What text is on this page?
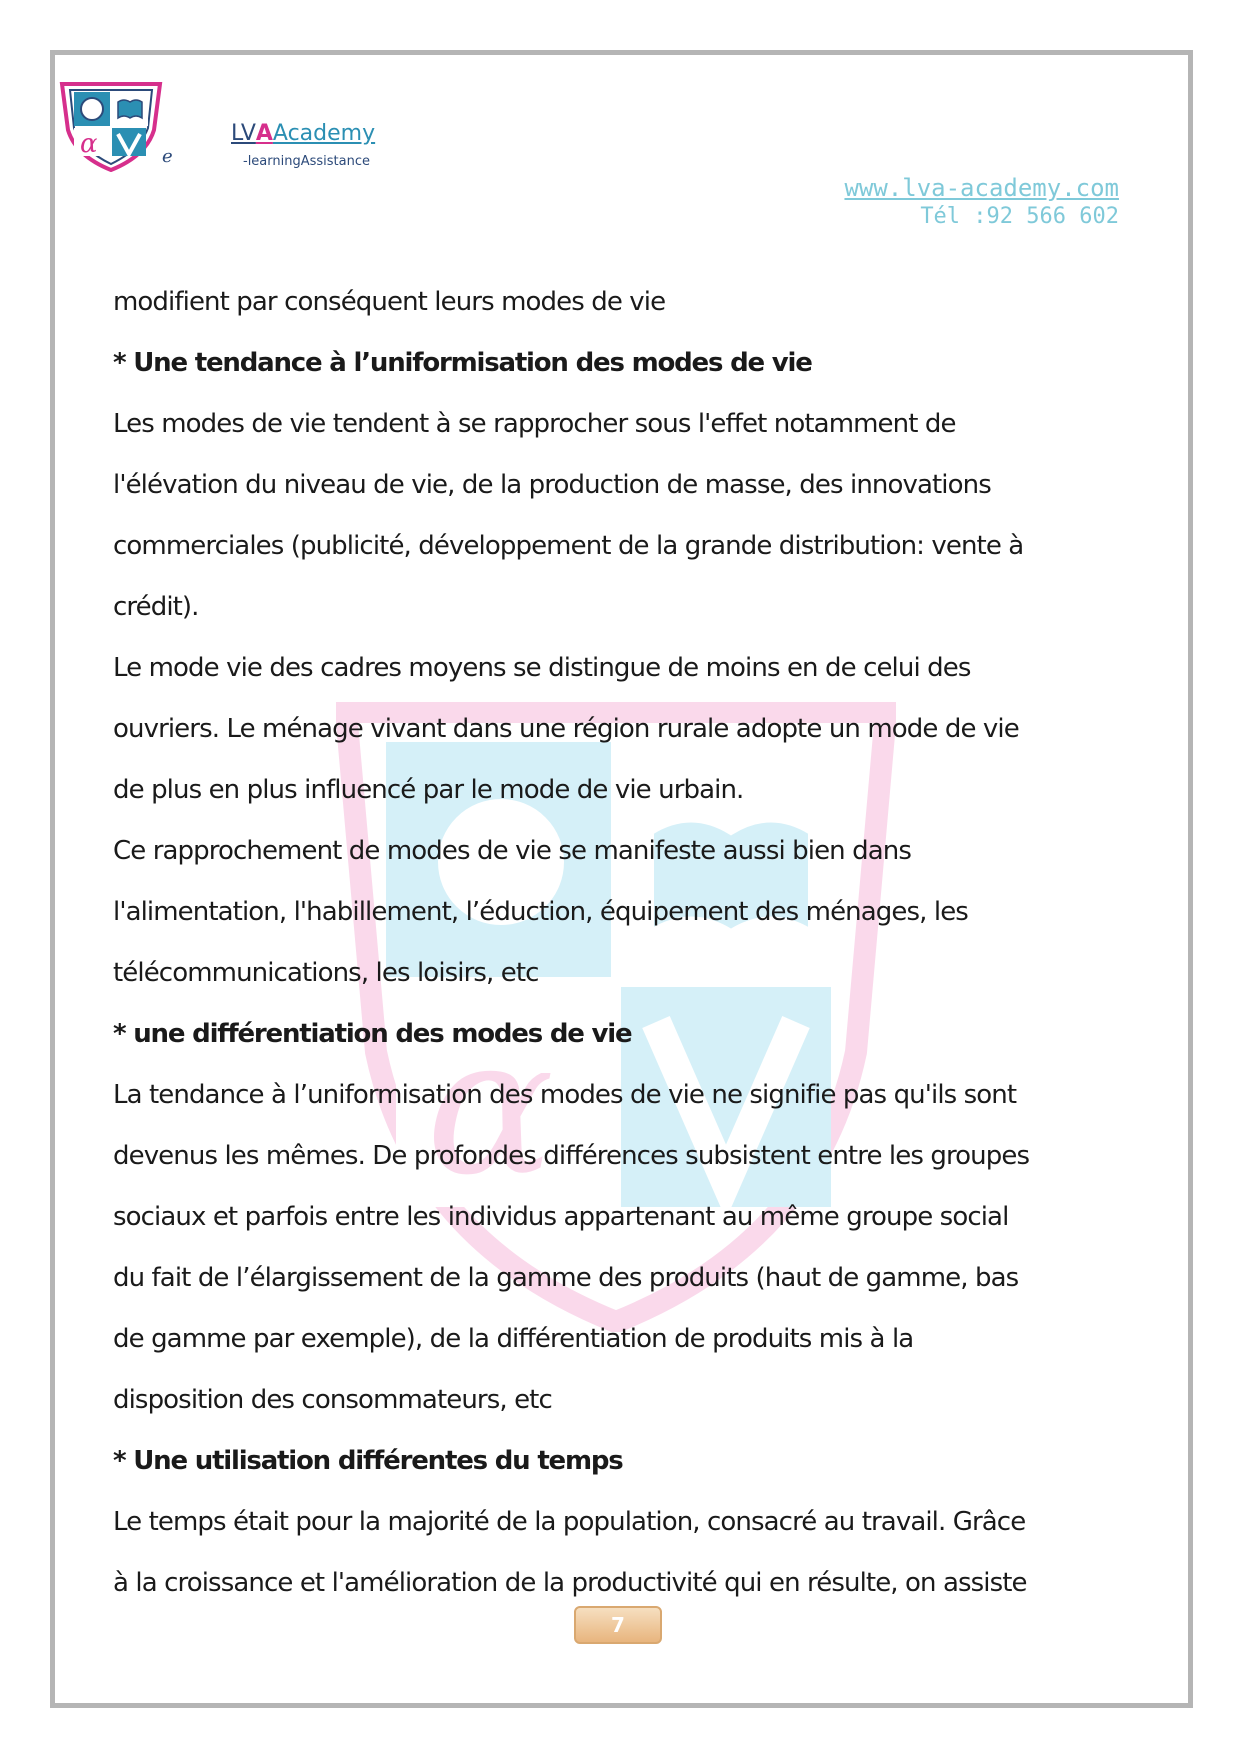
α	e
LVAAcademy
-learningAssistance
www.lva-academy.com
Tél :92 566 602
α

modifient par conséquent leurs modes de vie

* Une tendance à l’uniformisation des modes de vie

Les modes de vie tendent à se rapprocher sous l'effet notamment de

l'élévation du niveau de vie, de la production de masse, des innovations

commerciales (publicité, développement de la grande distribution: vente à

crédit).

Le mode vie des cadres moyens se distingue de moins en de celui des

ouvriers. Le ménage vivant dans une région rurale adopte un mode de vie

de plus en plus influencé par le mode de vie urbain.

Ce rapprochement de modes de vie se manifeste aussi bien dans

l'alimentation, l'habillement, l’éduction, équipement des ménages, les

télécommunications, les loisirs, etc

* une différentiation des modes de vie

La tendance à l’uniformisation des modes de vie ne signifie pas qu'ils sont

devenus les mêmes. De profondes différences subsistent entre les groupes

sociaux et parfois entre les individus appartenant au même groupe social

du fait de l’élargissement de la gamme des produits (haut de gamme, bas

de gamme par exemple), de la différentiation de produits mis à la

disposition des consommateurs, etc

* Une utilisation différentes du temps

Le temps était pour la majorité de la population, consacré au travail. Grâce

à la croissance et l'amélioration de la productivité qui en résulte, on assiste

7
